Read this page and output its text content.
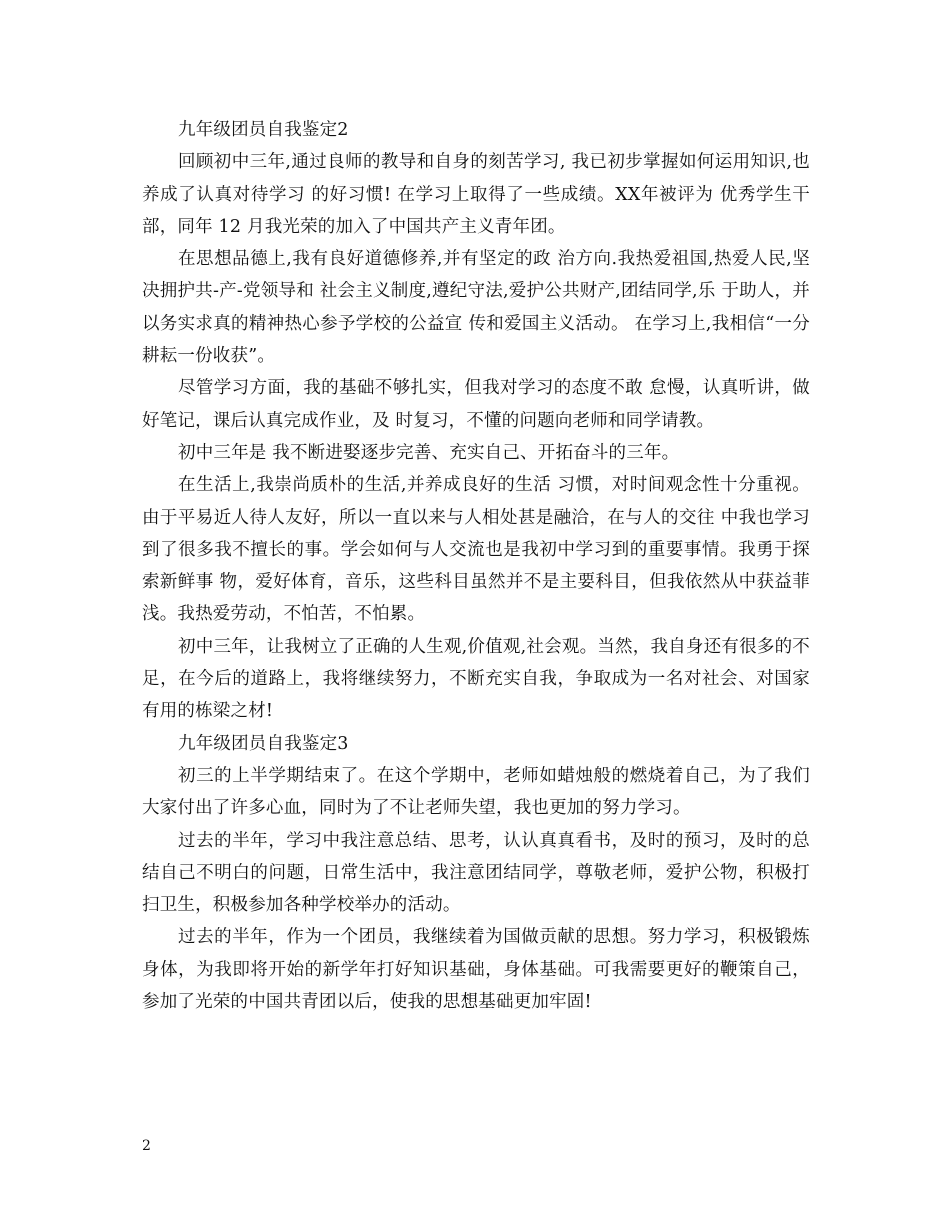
九年级团员自我鉴定2

回顾初中三年,通过良师的教导和自身的刻苦学习, 我已初步掌握如何运用知识,也养成了认真对待学习 的好习惯! 在学习上取得了一些成绩。XX年被评为 优秀学生干部，同年 12 月我光荣的加入了中国共产主义青年团。

在思想品德上,我有良好道德修养,并有坚定的政 治方向.我热爱祖国,热爱人民,坚决拥护共-产-党领导和 社会主义制度,遵纪守法,爱护公共财产,团结同学,乐 于助人，并以务实求真的精神热心参予学校的公益宣 传和爱国主义活动。 在学习上,我相信“一分耕耘一份收获”。

尽管学习方面，我的基础不够扎实，但我对学习的态度不敢 怠慢，认真听讲，做好笔记，课后认真完成作业，及 时复习，不懂的问题向老师和同学请教。

初中三年是 我不断进娶逐步完善、充实自己、开拓奋斗的三年。

在生活上,我崇尚质朴的生活,并养成良好的生活 习惯，对时间观念性十分重视。由于平易近人待人友好，所以一直以来与人相处甚是融洽，在与人的交往 中我也学习到了很多我不擅长的事。学会如何与人交流也是我初中学习到的重要事情。我勇于探索新鲜事 物，爱好体育，音乐，这些科目虽然并不是主要科目，但我依然从中获益菲浅。我热爱劳动，不怕苦，不怕累。

初中三年，让我树立了正确的人生观,价值观,社会观。当然，我自身还有很多的不足，在今后的道路上，我将继续努力，不断充实自我，争取成为一名对社会、对国家有用的栋梁之材!

九年级团员自我鉴定3

初三的上半学期结束了。在这个学期中，老师如蜡烛般的燃烧着自己，为了我们大家付出了许多心血，同时为了不让老师失望，我也更加的努力学习。

过去的半年，学习中我注意总结、思考，认认真真看书，及时的预习，及时的总结自己不明白的问题，日常生活中，我注意团结同学，尊敬老师，爱护公物，积极打扫卫生，积极参加各种学校举办的活动。

过去的半年，作为一个团员，我继续着为国做贡献的思想。努力学习，积极锻炼身体，为我即将开始的新学年打好知识基础，身体基础。可我需要更好的鞭策自己，参加了光荣的中国共青团以后，使我的思想基础更加牢固!

2
